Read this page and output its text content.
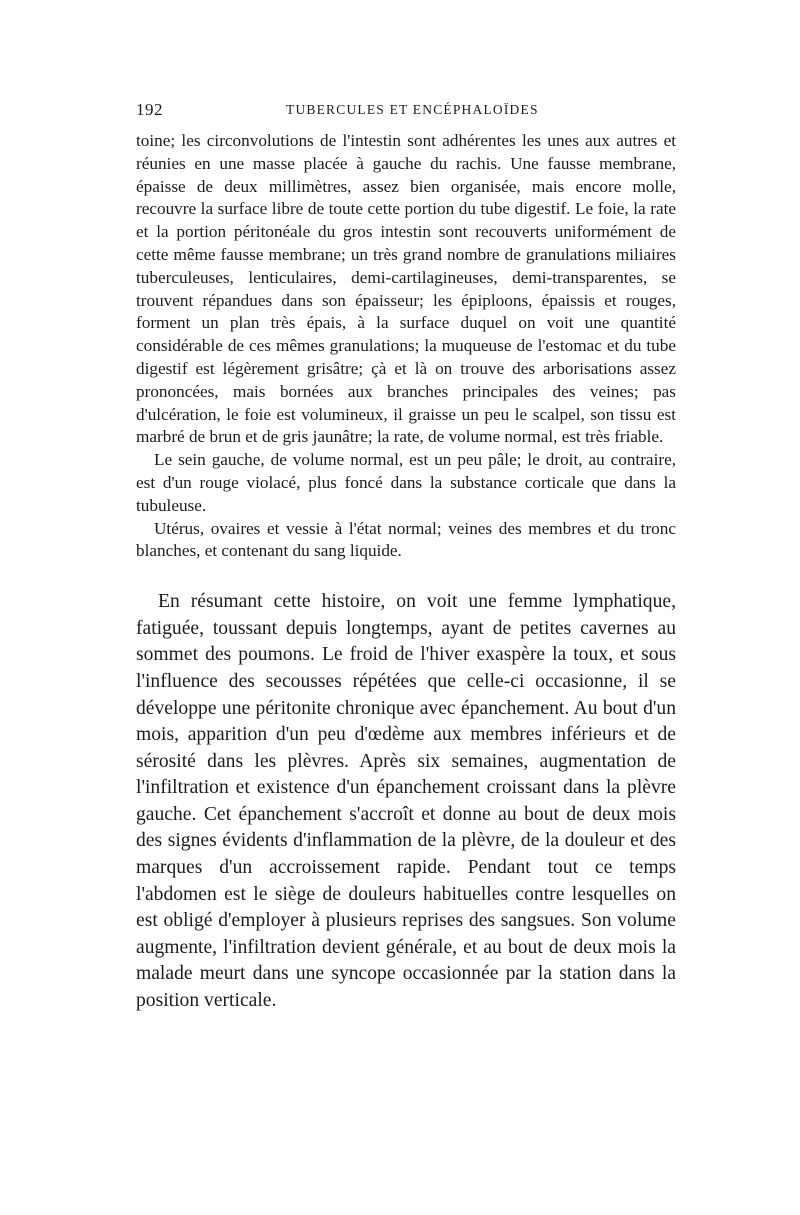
192	TUBERCULES ET ENCÉPHALOÏDES

toine; les circonvolutions de l'intestin sont adhérentes les unes aux autres et réunies en une masse placée à gauche du rachis. Une fausse membrane, épaisse de deux millimètres, assez bien organisée, mais encore molle, recouvre la surface libre de toute cette portion du tube digestif. Le foie, la rate et la portion péritonéale du gros intestin sont recouverts uniformément de cette même fausse membrane; un très grand nombre de granulations miliaires tuberculeuses, lenticulaires, demi-cartilagineuses, demi-transparentes, se trouvent répandues dans son épaisseur; les épiploons, épaissis et rouges, forment un plan très épais, à la surface duquel on voit une quantité considérable de ces mêmes granulations; la muqueuse de l'estomac et du tube digestif est légèrement grisâtre; çà et là on trouve des arborisations assez prononcées, mais bornées aux branches principales des veines; pas d'ulcération, le foie est volumineux, il graisse un peu le scalpel, son tissu est marbré de brun et de gris jaunâtre; la rate, de volume normal, est très friable.

Le sein gauche, de volume normal, est un peu pâle; le droit, au contraire, est d'un rouge violacé, plus foncé dans la substance corticale que dans la tubuleuse.

Utérus, ovaires et vessie à l'état normal; veines des membres et du tronc blanches, et contenant du sang liquide.

En résumant cette histoire, on voit une femme lymphatique, fatiguée, toussant depuis longtemps, ayant de petites cavernes au sommet des poumons. Le froid de l'hiver exaspère la toux, et sous l'influence des secousses répétées que celle-ci occasionne, il se développe une péritonite chronique avec épanchement. Au bout d'un mois, apparition d'un peu d'œdème aux membres inférieurs et de sérosité dans les plèvres. Après six semaines, augmentation de l'infiltration et existence d'un épanchement croissant dans la plèvre gauche. Cet épanchement s'accroît et donne au bout de deux mois des signes évidents d'inflammation de la plèvre, de la douleur et des marques d'un accroissement rapide. Pendant tout ce temps l'abdomen est le siège de douleurs habituelles contre lesquelles on est obligé d'employer à plusieurs reprises des sangsues. Son volume augmente, l'infiltration devient générale, et au bout de deux mois la malade meurt dans une syncope occasionnée par la station dans la position verticale.
